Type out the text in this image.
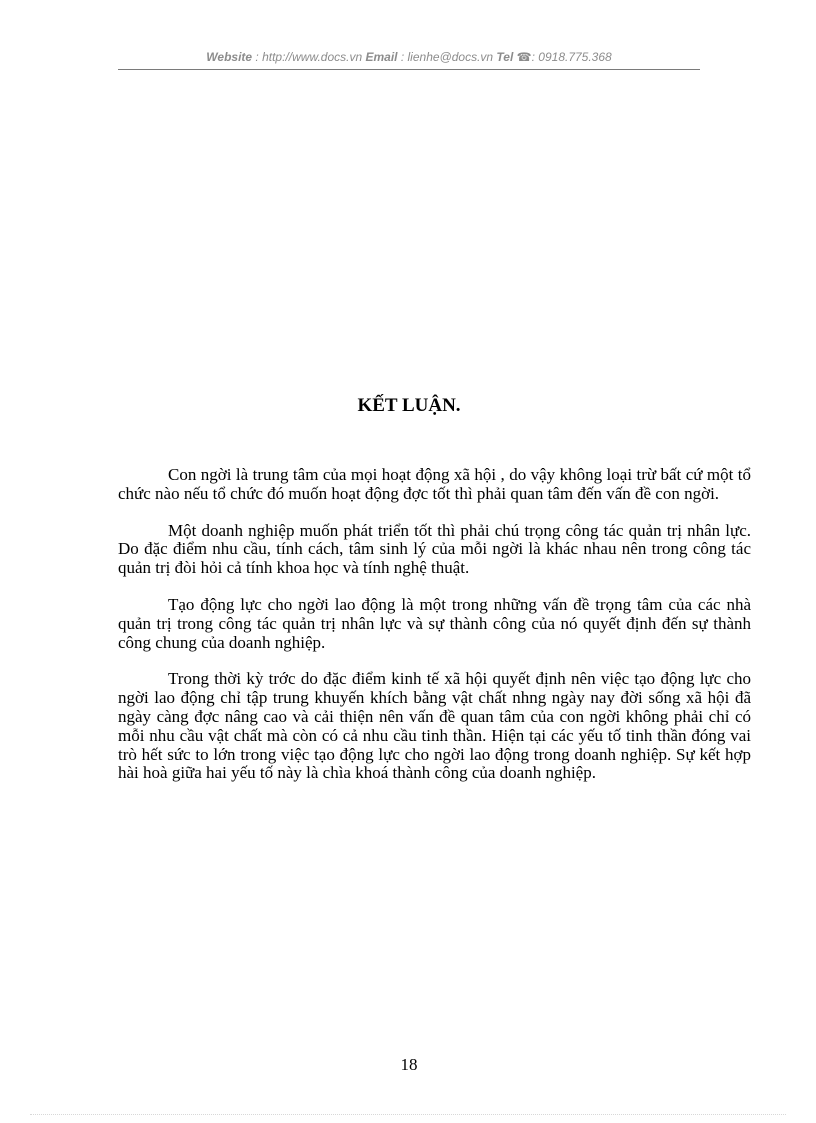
Website : http://www.docs.vn Email : lienhe@docs.vn Tel ☎: 0918.775.368
KẾT LUẬN.

Con ngời là trung tâm của mọi hoạt động xã hội , do vậy không loại trừ bất cứ một tổ chức nào nếu tổ chức đó muốn hoạt động đợc tốt thì phải quan tâm đến vấn đề con ngời.

Một doanh nghiệp muốn phát triển tốt thì phải chú trọng công tác quản trị nhân lực. Do đặc điểm nhu cầu, tính cách, tâm sinh lý của mỗi ngời là khác nhau nên trong công tác quản trị đòi hỏi cả tính khoa học và tính nghệ thuật.

Tạo động lực cho ngời lao động là một trong những vấn đề trọng tâm của các nhà quản trị trong công tác quản trị nhân lực và sự thành công của nó quyết định đến sự thành công chung của doanh nghiệp.

Trong thời kỳ trớc do đặc điểm kinh tế xã hội quyết định nên việc tạo động lực cho ngời lao động chỉ tập trung khuyến khích bằng vật chất nhng ngày nay đời sống xã hội đã ngày càng đợc nâng cao và cải thiện nên vấn đề quan tâm của con ngời không phải chỉ có mỗi nhu cầu vật chất mà còn có cả nhu cầu tinh thần. Hiện tại các yếu tố tinh thần đóng vai trò hết sức to lớn trong việc tạo động lực cho ngời lao động trong doanh nghiệp. Sự kết hợp hài hoà giữa hai yếu tố này là chìa khoá thành công của doanh nghiệp.

18
